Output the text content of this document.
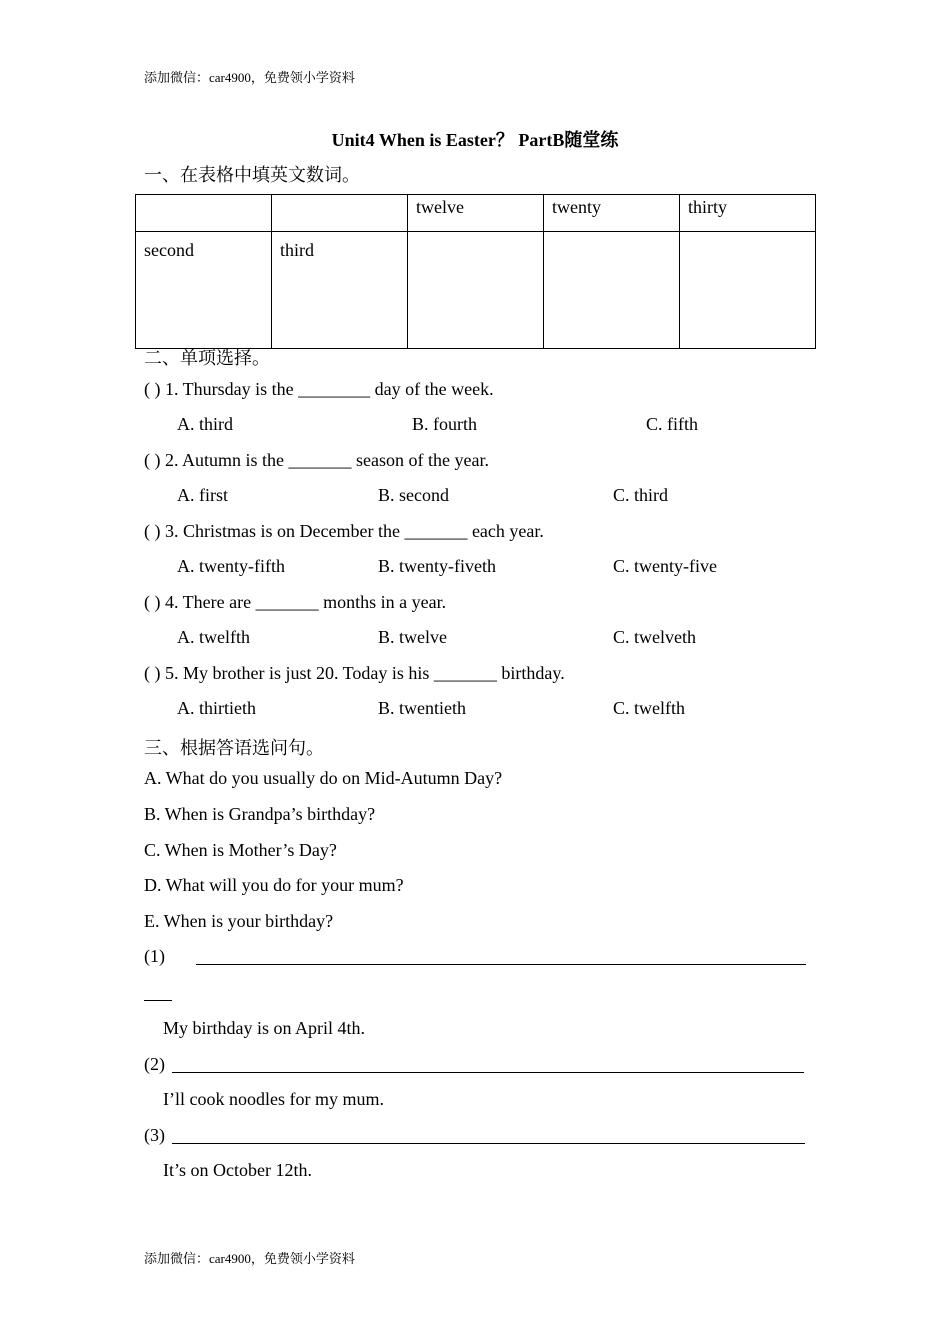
添加微信：car4900，免费领小学资料
Unit4 When is Easter？ PartB随堂练
一、在表格中填英文数词。
		twelve	twenty	thirty
second	third			
二、单项选择。
( ) 1. Thursday is the ________ day of the week.
A. third	B. fourth	C. fifth
( ) 2. Autumn is the _______ season of the year.
A. first	B. second	C. third
( ) 3. Christmas is on December the _______ each year.
A. twenty-fifth	B. twenty-fiveth	C. twenty-five
( ) 4. There are _______ months in a year.
A. twelfth	B. twelve	C. twelveth
( ) 5. My brother is just 20. Today is his _______ birthday.
A. thirtieth	B. twentieth	C. twelfth
三、根据答语选问句。
A. What do you usually do on Mid-Autumn Day?
B. When is Grandpa’s birthday?
C. When is Mother’s Day?
D. What will you do for your mum?
E. When is your birthday?
(1)
My birthday is on April 4th.
(2)
I’ll cook noodles for my mum.
(3)
It’s on October 12th.
添加微信：car4900，免费领小学资料
